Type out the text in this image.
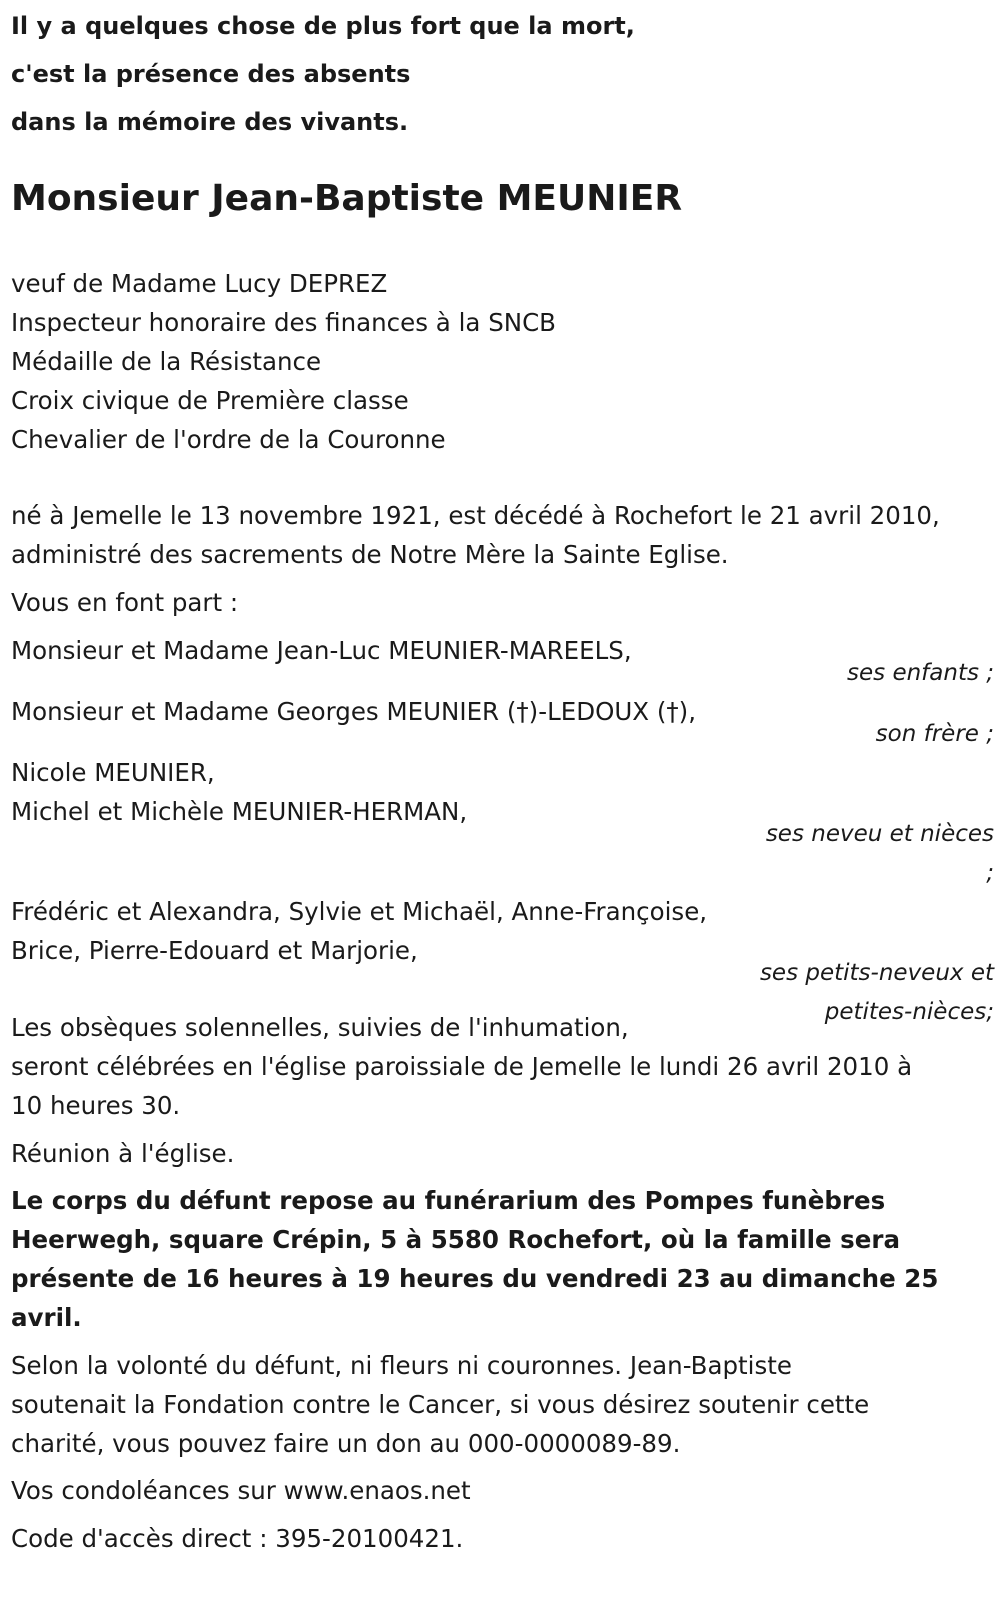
Il y a quelques chose de plus fort que la mort,
c'est la présence des absents
dans la mémoire des vivants.
Monsieur Jean-Baptiste MEUNIER
veuf de Madame Lucy DEPREZ
Inspecteur honoraire des finances à la SNCB
Médaille de la Résistance
Croix civique de Première classe
Chevalier de l'ordre de la Couronne
né à Jemelle le 13 novembre 1921, est décédé à Rochefort le 21 avril 2010,
administré des sacrements de Notre Mère la Sainte Eglise.
Vous en font part :
Monsieur et Madame Jean-Luc MEUNIER-MAREELS,
ses enfants ;
Monsieur et Madame Georges MEUNIER (†)-LEDOUX (†),
son frère ;
Nicole MEUNIER,
Michel et Michèle MEUNIER-HERMAN,
ses neveu et nièces
;
Frédéric et Alexandra, Sylvie et Michaël, Anne-Françoise,
Brice, Pierre-Edouard et Marjorie,
ses petits-neveux et
petites-nièces;
Les obsèques solennelles, suivies de l'inhumation,
seront célébrées en l'église paroissiale de Jemelle le lundi 26 avril 2010 à
10 heures 30.
Réunion à l'église.
Le corps du défunt repose au funérarium des Pompes funèbres
Heerwegh, square Crépin, 5 à 5580 Rochefort, où la famille sera
présente de 16 heures à 19 heures du vendredi 23 au dimanche 25
avril.
Selon la volonté du défunt, ni fleurs ni couronnes. Jean-Baptiste
soutenait la Fondation contre le Cancer, si vous désirez soutenir cette
charité, vous pouvez faire un don au 000-0000089-89.
Vos condoléances sur www.enaos.net
Code d'accès direct : 395-20100421.
